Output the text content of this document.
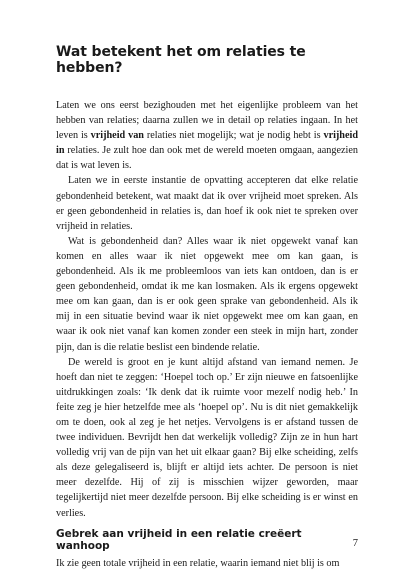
Wat betekent het om relaties te hebben?

Laten we ons eerst bezighouden met het eigenlijke probleem van het hebben van relaties; daarna zullen we in detail op relaties ingaan. In het leven is vrijheid van relaties niet mogelijk; wat je nodig hebt is vrijheid in relaties. Je zult hoe dan ook met de wereld moeten omgaan, aangezien dat is wat leven is.

Laten we in eerste instantie de opvatting accepteren dat elke relatie gebondenheid betekent, wat maakt dat ik over vrijheid moet spreken. Als er geen gebondenheid in relaties is, dan hoef ik ook niet te spreken over vrijheid in relaties.

Wat is gebondenheid dan? Alles waar ik niet opgewekt vanaf kan komen en alles waar ik niet opgewekt mee om kan gaan, is gebondenheid. Als ik me probleemloos van iets kan ontdoen, dan is er geen gebondenheid, omdat ik me kan losmaken. Als ik ergens opgewekt mee om kan gaan, dan is er ook geen sprake van gebondenheid. Als ik mij in een situatie bevind waar ik niet opgewekt mee om kan gaan, en waar ik ook niet vanaf kan komen zonder een steek in mijn hart, zonder pijn, dan is die relatie beslist een bindende relatie.

De wereld is groot en je kunt altijd afstand van iemand nemen. Je hoeft dan niet te zeggen: ‘Hoepel toch op.’ Er zijn nieuwe en fatsoenlijke uitdrukkingen zoals: ‘Ik denk dat ik ruimte voor mezelf nodig heb.’ In feite zeg je hier hetzelfde mee als ‘hoepel op’. Nu is dit niet gemakkelijk om te doen, ook al zeg je het netjes. Vervolgens is er afstand tussen de twee individuen. Bevrijdt hen dat werkelijk volledig? Zijn ze in hun hart volledig vrij van de pijn van het uit elkaar gaan? Bij elke scheiding, zelfs als deze gelegaliseerd is, blijft er altijd iets achter. De persoon is niet meer dezelfde. Hij of zij is misschien wijzer geworden, maar tegelijkertijd niet meer dezelfde persoon. Bij elke scheiding is er winst en verlies.

Gebrek aan vrijheid in een relatie creëert wanhoop

Ik zie geen totale vrijheid in een relatie, waarin iemand niet blij is om

7
